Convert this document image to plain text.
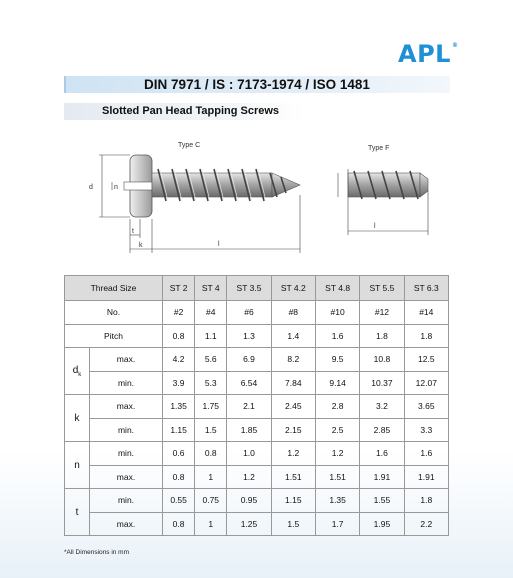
APL®
DIN 7971 / IS : 7173-1974 / ISO 1481
Slotted Pan Head Tapping Screws
Type C	Type F
d	n
t
k	l
l
Thread Size		ST 2	ST 4	ST 3.5	ST 4.2	ST 4.8	ST 5.5	ST 6.3
No.		#2	#4	#6	#8	#10	#12	#14
Pitch		0.8	1.1	1.3	1.4	1.6	1.8	1.8
$d_k$	max.	4.2	5.6	6.9	8.2	9.5	10.8	12.5
	min.	3.9	5.3	6.54	7.84	9.14	10.37	12.07
k	max.	1.35	1.75	2.1	2.45	2.8	3.2	3.65
	min.	1.15	1.5	1.85	2.15	2.5	2.85	3.3
n	min.	0.6	0.8	1.0	1.2	1.2	1.6	1.6
	max.	0.8	1	1.2	1.51	1.51	1.91	1.91
t	min.	0.55	0.75	0.95	1.15	1.35	1.55	1.8
	max.	0.8	1	1.25	1.5	1.7	1.95	2.2
*All Dimensions in mm
